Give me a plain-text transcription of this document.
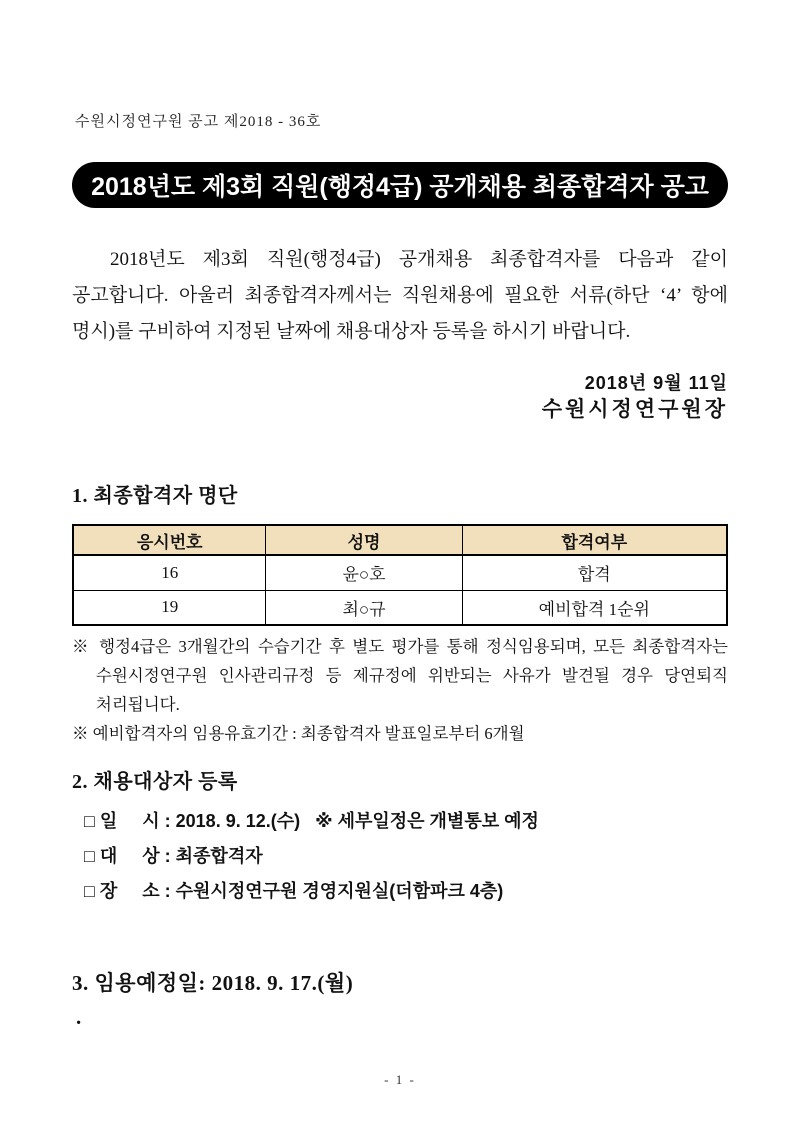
수원시정연구원 공고 제2018 - 36호
2018년도 제3회 직원(행정4급) 공개채용 최종합격자 공고

2018년도 제3회 직원(행정4급) 공개채용 최종합격자를 다음과 같이 공고합니다. 아울러 최종합격자께서는 직원채용에 필요한 서류(하단 ‘4’ 항에 명시)를 구비하여 지정된 날짜에 채용대상자 등록을 하시기 바랍니다.

2018년 9월 11일
수원시정연구원장
1. 최종합격자 명단
응시번호	성명	합격여부
16	윤○호	합격
19	최○규	예비합격 1순위
※ 행정4급은 3개월간의 수습기간 후 별도 평가를 통해 정식임용되며, 모든 최종합격자는 수원시정연구원 인사관리규정 등 제규정에 위반되는 사유가 발견될 경우 당연퇴직 처리됩니다.
※ 예비합격자의 임용유효기간 : 최종합격자 발표일로부터 6개월
2. 채용대상자 등록
□ 일     시 : 2018. 9. 12.(수)   ※ 세부일정은 개별통보 예정
□ 대     상 : 최종합격자
□ 장     소 : 수원시정연구원 경영지원실(더함파크 4층)
3. 임용예정일: 2018. 9. 17.(월)
.
- 1 -
